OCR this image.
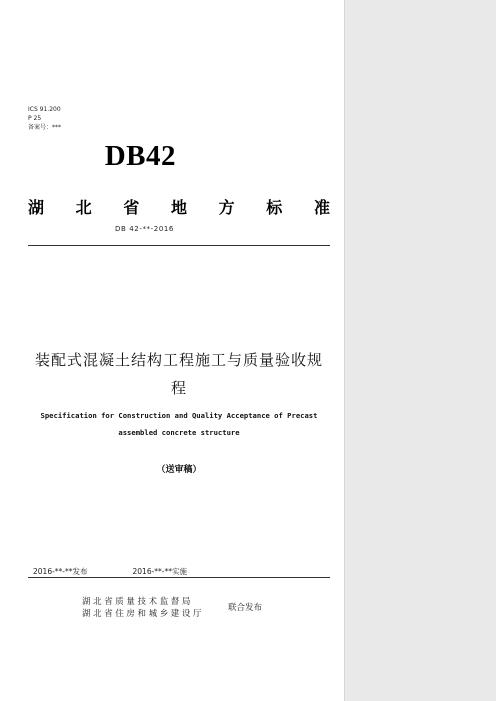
ICS 91.200
P 25
备案号：***
DB42
湖 北 省 地 方 标 准
DB 42-**-2016
装配式混凝土结构工程施工与质量验收规
程
Specification for Construction and Quality Acceptance of Precast
assembled concrete structure
（送审稿）
2016-**-**发布	2016-**-**实施
湖北省质量技术监督局
湖北省住房和城乡建设厅
联合发布
